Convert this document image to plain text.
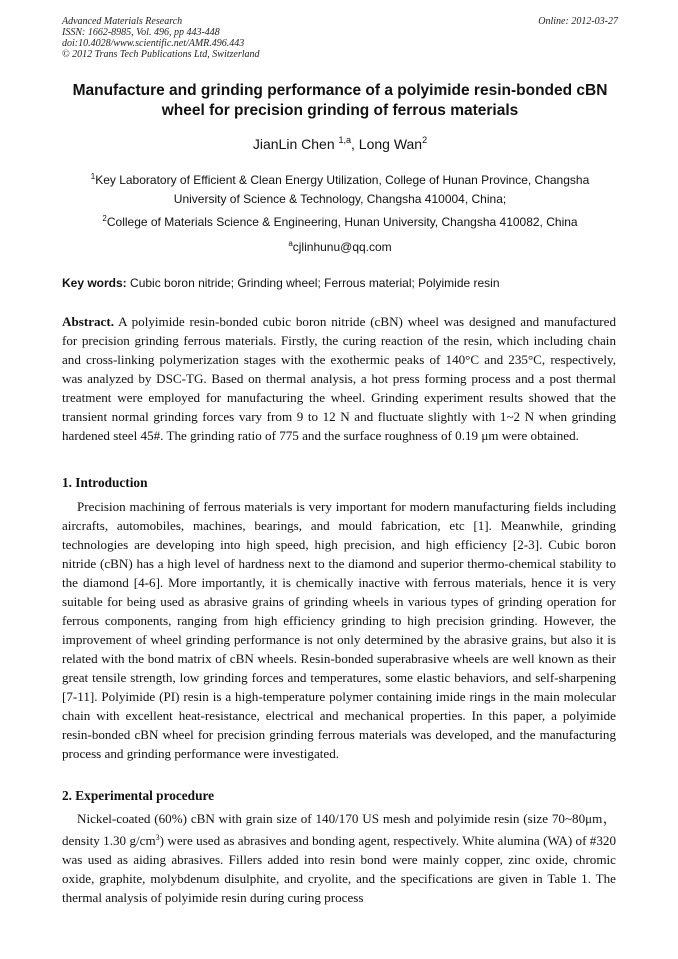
Advanced Materials Research
ISSN: 1662-8985, Vol. 496, pp 443-448
doi:10.4028/www.scientific.net/AMR.496.443
© 2012 Trans Tech Publications Ltd, Switzerland
Online: 2012-03-27
Manufacture and grinding performance of a polyimide resin-bonded cBN
wheel for precision grinding of ferrous materials
JianLin Chen $^{1,a}$, Long Wan$^2$
$^1$Key Laboratory of Efficient & Clean Energy Utilization, College of Hunan Province, Changsha
University of Science & Technology, Changsha 410004, China;
$^2$College of Materials Science & Engineering, Hunan University, Changsha 410082, China
$^a$cjlinhunu@qq.com
Key words: Cubic boron nitride; Grinding wheel; Ferrous material; Polyimide resin
Abstract. A polyimide resin-bonded cubic boron nitride (cBN) wheel was designed and manufactured for precision grinding ferrous materials. Firstly, the curing reaction of the resin, which including chain and cross-linking polymerization stages with the exothermic peaks of 140°C and 235°C, respectively, was analyzed by DSC-TG. Based on thermal analysis, a hot press forming process and a post thermal treatment were employed for manufacturing the wheel. Grinding experiment results showed that the transient normal grinding forces vary from 9 to 12 N and fluctuate slightly with 1~2 N when grinding hardened steel 45#. The grinding ratio of 775 and the surface roughness of 0.19 μm were obtained.
1. Introduction
Precision machining of ferrous materials is very important for modern manufacturing fields including aircrafts, automobiles, machines, bearings, and mould fabrication, etc [1]. Meanwhile, grinding technologies are developing into high speed, high precision, and high efficiency [2-3]. Cubic boron nitride (cBN) has a high level of hardness next to the diamond and superior thermo-chemical stability to the diamond [4-6]. More importantly, it is chemically inactive with ferrous materials, hence it is very suitable for being used as abrasive grains of grinding wheels in various types of grinding operation for ferrous components, ranging from high efficiency grinding to high precision grinding. However, the improvement of wheel grinding performance is not only determined by the abrasive grains, but also it is related with the bond matrix of cBN wheels. Resin-bonded superabrasive wheels are well known as their great tensile strength, low grinding forces and temperatures, some elastic behaviors, and self-sharpening [7-11]. Polyimide (PI) resin is a high-temperature polymer containing imide rings in the main molecular chain with excellent heat-resistance, electrical and mechanical properties. In this paper, a polyimide resin-bonded cBN wheel for precision grinding ferrous materials was developed, and the manufacturing process and grinding performance were investigated.
2. Experimental procedure
Nickel-coated (60%) cBN with grain size of 140/170 US mesh and polyimide resin (size 70~80μm，density 1.30 $g/cm^3$) were used as abrasives and bonding agent, respectively. White alumina (WA) of #320 was used as aiding abrasives. Fillers added into resin bond were mainly copper, zinc oxide, chromic oxide, graphite, molybdenum disulphite, and cryolite, and the specifications are given in Table 1. The thermal analysis of polyimide resin during curing process
